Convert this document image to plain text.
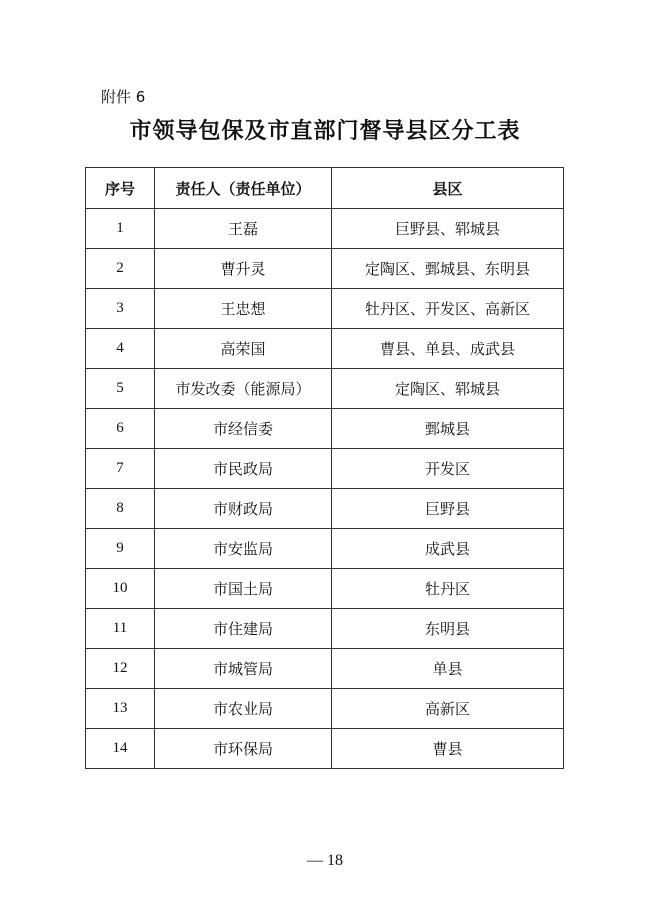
附件 6
市领导包保及市直部门督导县区分工表
序号	责任人（责任单位）	县区
1	王磊	巨野县、郓城县
2	曹升灵	定陶区、鄄城县、东明县
3	王忠想	牡丹区、开发区、高新区
4	高荣国	曹县、单县、成武县
5	市发改委（能源局）	定陶区、郓城县
6	市经信委	鄄城县
7	市民政局	开发区
8	市财政局	巨野县
9	市安监局	成武县
10	市国土局	牡丹区
11	市住建局	东明县
12	市城管局	单县
13	市农业局	高新区
14	市环保局	曹县
— 18
